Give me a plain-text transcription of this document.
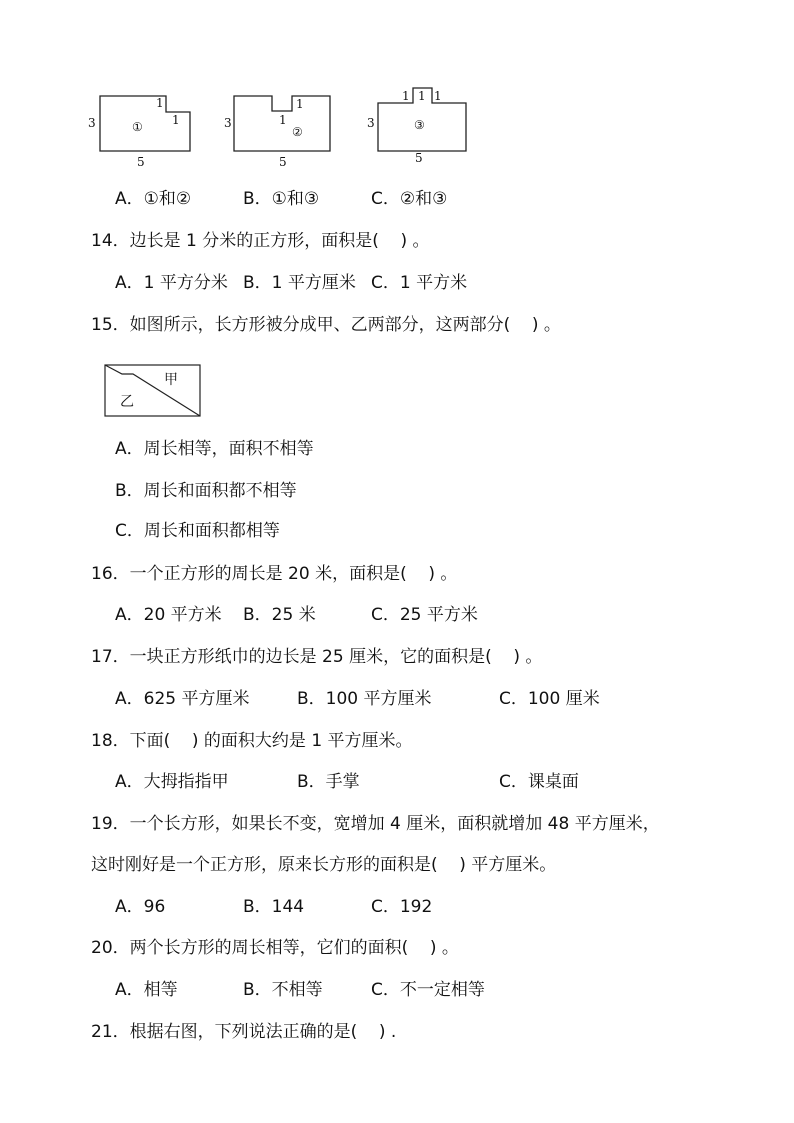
3
5
1
1
①	3
5
1
1
②
3
5
1 1 1
③
A．①和②	B．①和③	C．②和③
14．边长是 1 分米的正方形，面积是(    ) 。
A．1 平方分米 B．1 平方厘米 C．1 平方米
15．如图所示，长方形被分成甲、乙两部分，这两部分(    ) 。
甲
乙
A．周长相等，面积不相等
B．周长和面积都不相等
C．周长和面积都相等
16．一个正方形的周长是 20 米，面积是(    ) 。
A．20 平方米 B．25 米	C．25 平方米
17．一块正方形纸巾的边长是 25 厘米，它的面积是(    ) 。
A．625 平方厘米	B．100 平方厘米	C．100 厘米
18．下面(    ) 的面积大约是 1 平方厘米。
A．大拇指指甲	B．手掌	C．课桌面
19．一个长方形，如果长不变，宽增加 4 厘米，面积就增加 48 平方厘米，
这时刚好是一个正方形，原来长方形的面积是(    ) 平方厘米。
A．96	B．144	C．192
20．两个长方形的周长相等，它们的面积(    ) 。
A．相等	B．不相等	C．不一定相等
21．根据右图，下列说法正确的是(    ) .
